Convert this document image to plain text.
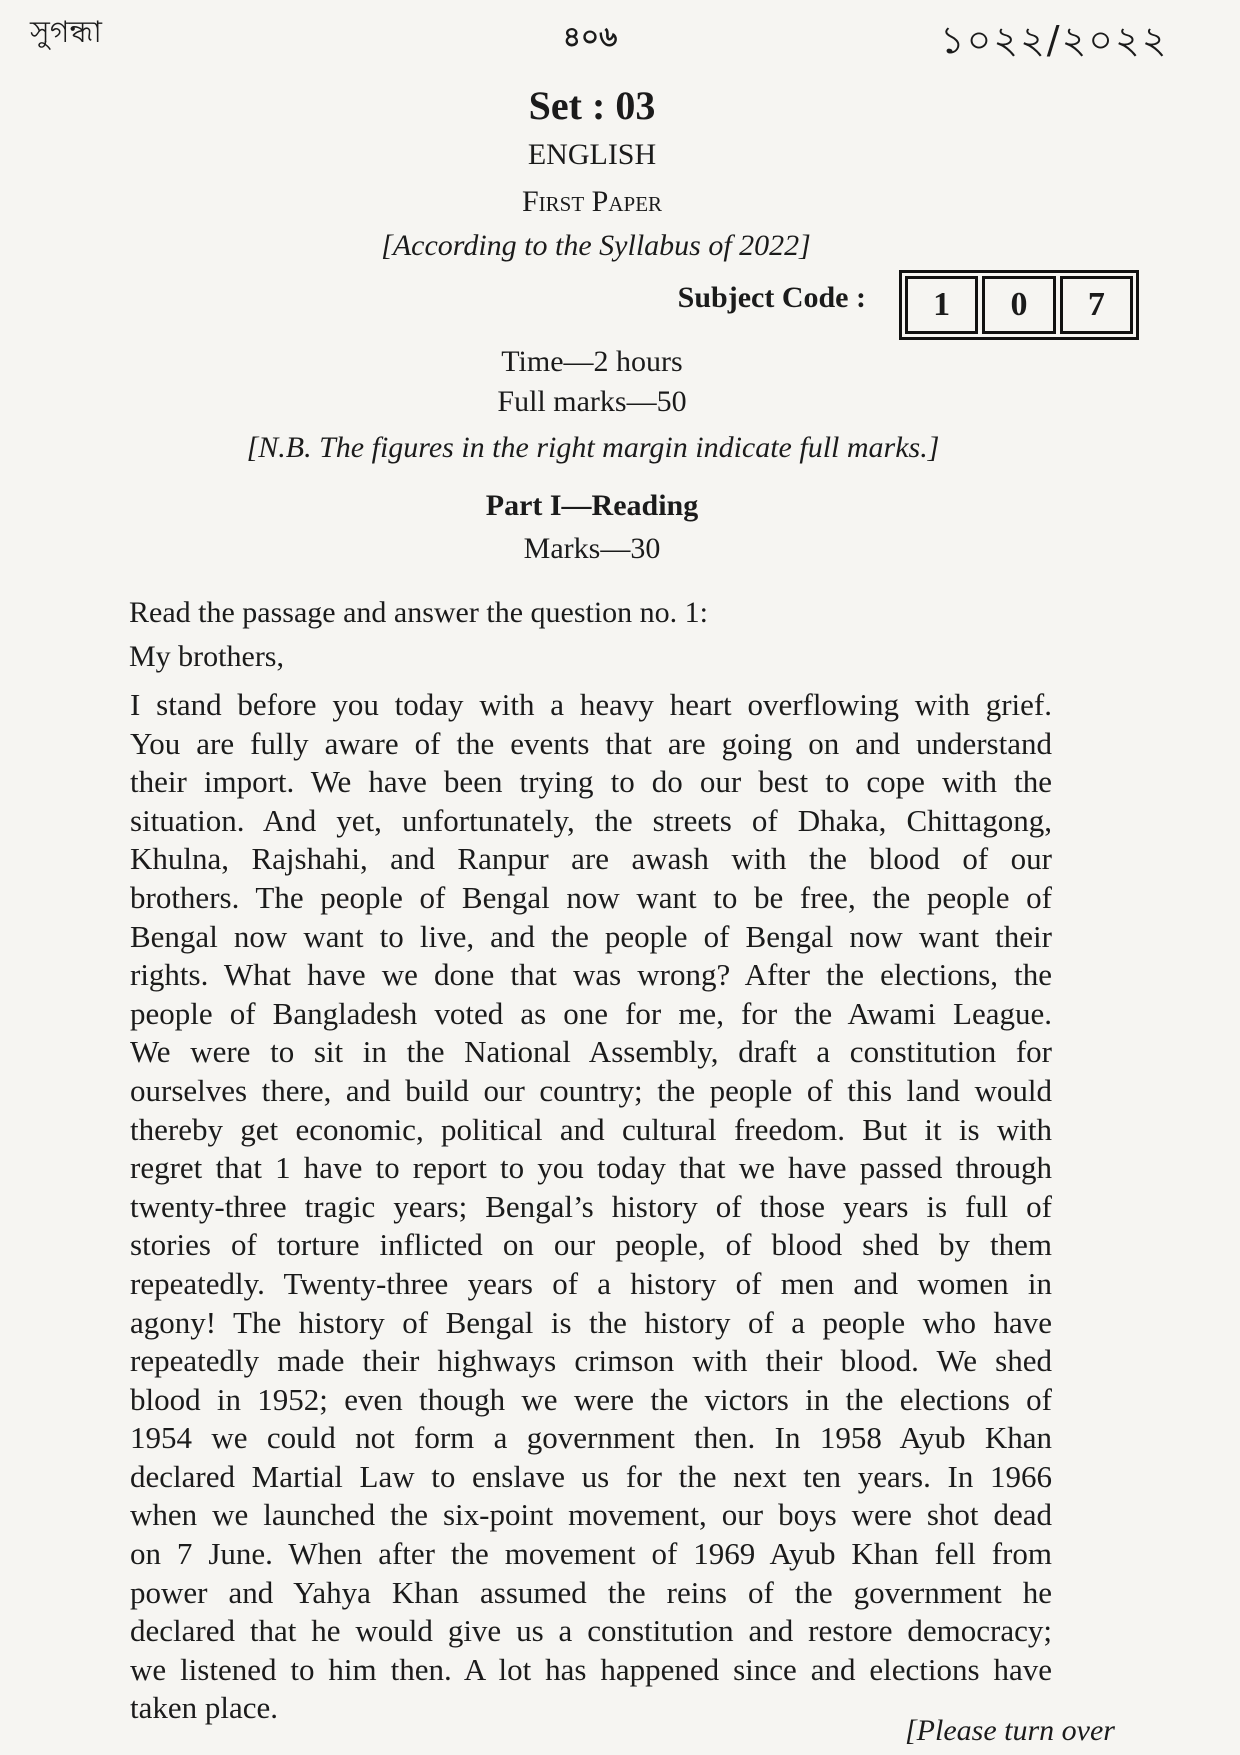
সুগন্ধা	৪০৬	১০২২/২০২২
Set : 03
ENGLISH
First Paper
[According to the Syllabus of 2022]
Subject Code :	1	0	7
Time—2 hours
Full marks—50
[N.B. The figures in the right margin indicate full marks.]
Part I—Reading
Marks—30
Read the passage and answer the question no. 1:
My brothers,
I stand before you today with a heavy heart overflowing with grief.
You are fully aware of the events that are going on and understand
their import. We have been trying to do our best to cope with the
situation. And yet, unfortunately, the streets of Dhaka, Chittagong,
Khulna, Rajshahi, and Ranpur are awash with the blood of our
brothers. The people of Bengal now want to be free, the people of
Bengal now want to live, and the people of Bengal now want their
rights. What have we done that was wrong? After the elections, the
people of Bangladesh voted as one for me, for the Awami League.
We were to sit in the National Assembly, draft a constitution for
ourselves there, and build our country; the people of this land would
thereby get economic, political and cultural freedom. But it is with
regret that 1 have to report to you today that we have passed through
twenty-three tragic years; Bengal’s history of those years is full of
stories of torture inflicted on our people, of blood shed by them
repeatedly. Twenty-three years of a history of men and women in
agony! The history of Bengal is the history of a people who have
repeatedly made their highways crimson with their blood. We shed
blood in 1952; even though we were the victors in the elections of
1954 we could not form a government then. In 1958 Ayub Khan
declared Martial Law to enslave us for the next ten years. In 1966
when we launched the six-point movement, our boys were shot dead
on 7 June. When after the movement of 1969 Ayub Khan fell from
power and Yahya Khan assumed the reins of the government he
declared that he would give us a constitution and restore democracy;
we listened to him then. A lot has happened since and elections have
taken place.
[Please turn over
